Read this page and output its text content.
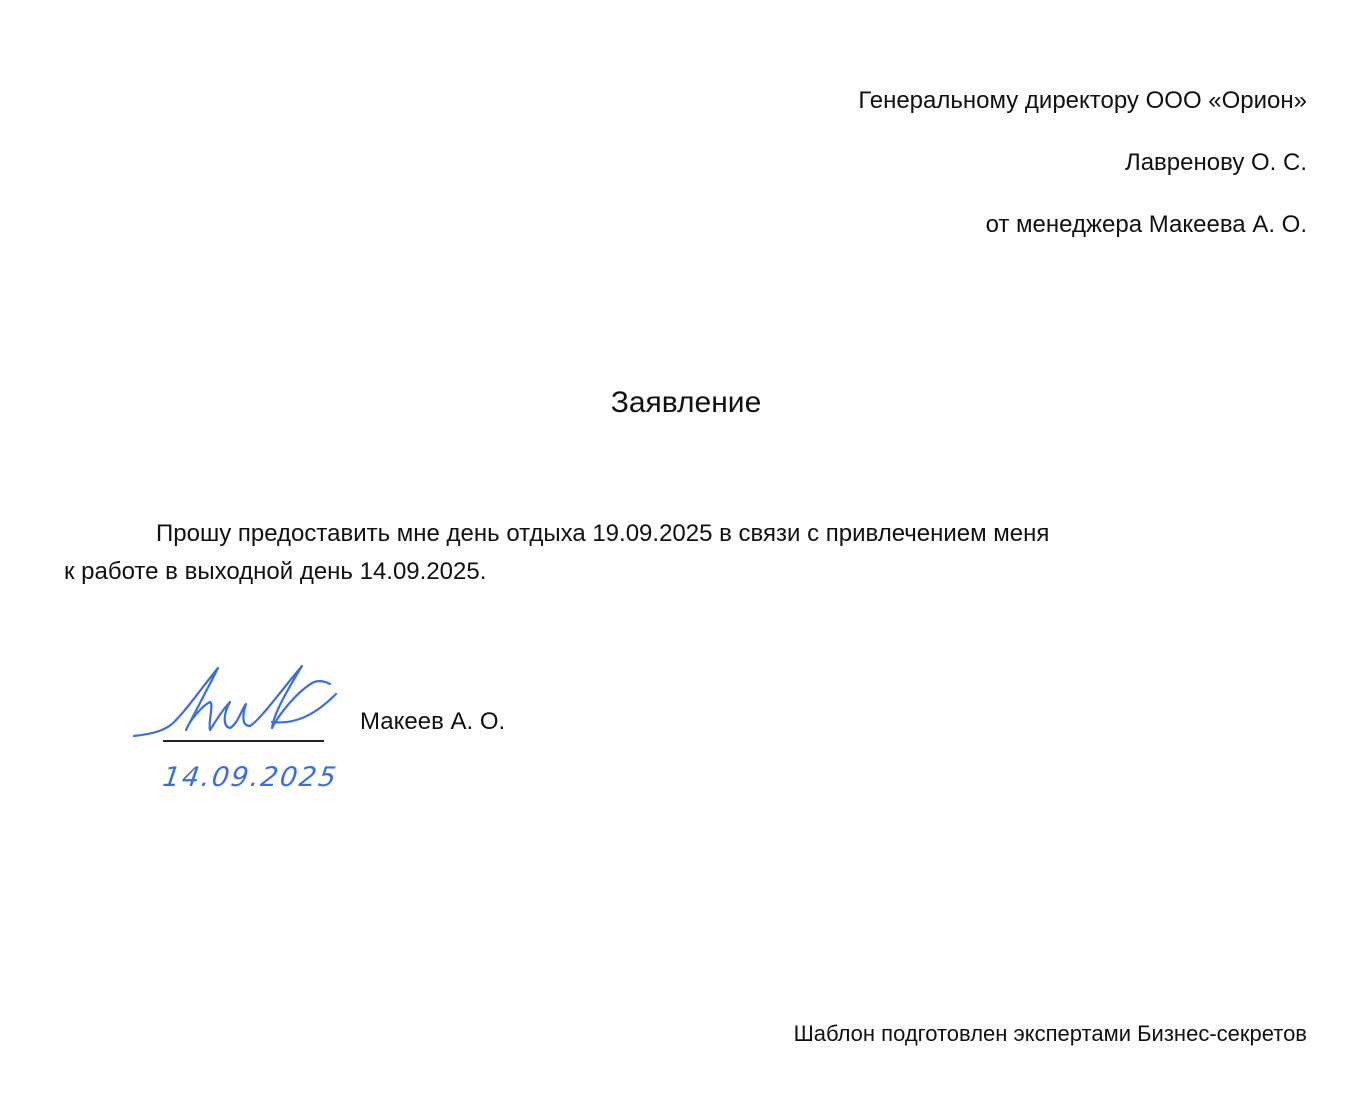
Генеральному директору ООО «Орион»
Лавренову О. С.
от менеджера Макеева А. О.
Заявление
Прошу предоставить мне день отдыха 19.09.2025 в связи с привлечением меня
к работе в выходной день 14.09.2025.
Макеев А. О.
14.09.2025
Шаблон подготовлен экспертами Бизнес-секретов
